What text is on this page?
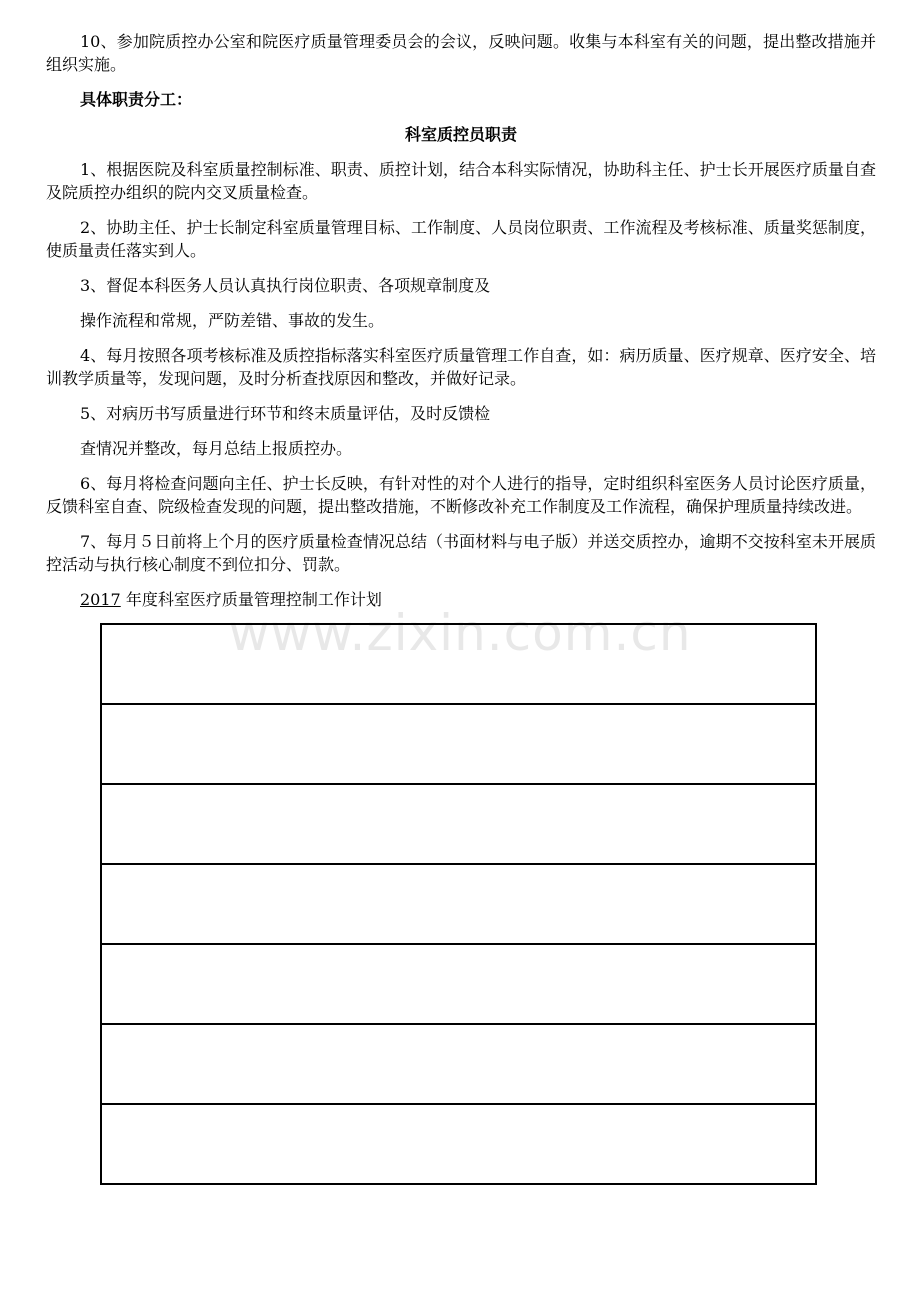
10、参加院质控办公室和院医疗质量管理委员会的会议，反映问题。收集与本科室有关的问题，提出整改措施并组织实施。

具体职责分工：

科室质控员职责

1、根据医院及科室质量控制标准、职责、质控计划，结合本科实际情况，协助科主任、护士长开展医疗质量自查及院质控办组织的院内交叉质量检查。

2、协助主任、护士长制定科室质量管理目标、工作制度、人员岗位职责、工作流程及考核标准、质量奖惩制度，使质量责任落实到人。

3、督促本科医务人员认真执行岗位职责、各项规章制度及

操作流程和常规，严防差错、事故的发生。

4、每月按照各项考核标准及质控指标落实科室医疗质量管理工作自查，如：病历质量、医疗规章、医疗安全、培训教学质量等，发现问题，及时分析查找原因和整改，并做好记录。

5、对病历书写质量进行环节和终末质量评估，及时反馈检

查情况并整改，每月总结上报质控办。

6、每月将检查问题向主任、护士长反映，有针对性的对个人进行的指导，定时组织科室医务人员讨论医疗质量，反馈科室自查、院级检查发现的问题，提出整改措施，不断修改补充工作制度及工作流程，确保护理质量持续改进。

7、每月５日前将上个月的医疗质量检查情况总结（书面材料与电子版）并送交质控办，逾期不交按科室未开展质控活动与执行核心制度不到位扣分、罚款。

2017 年度科室医疗质量管理控制工作计划

www.zixin.com.cn
